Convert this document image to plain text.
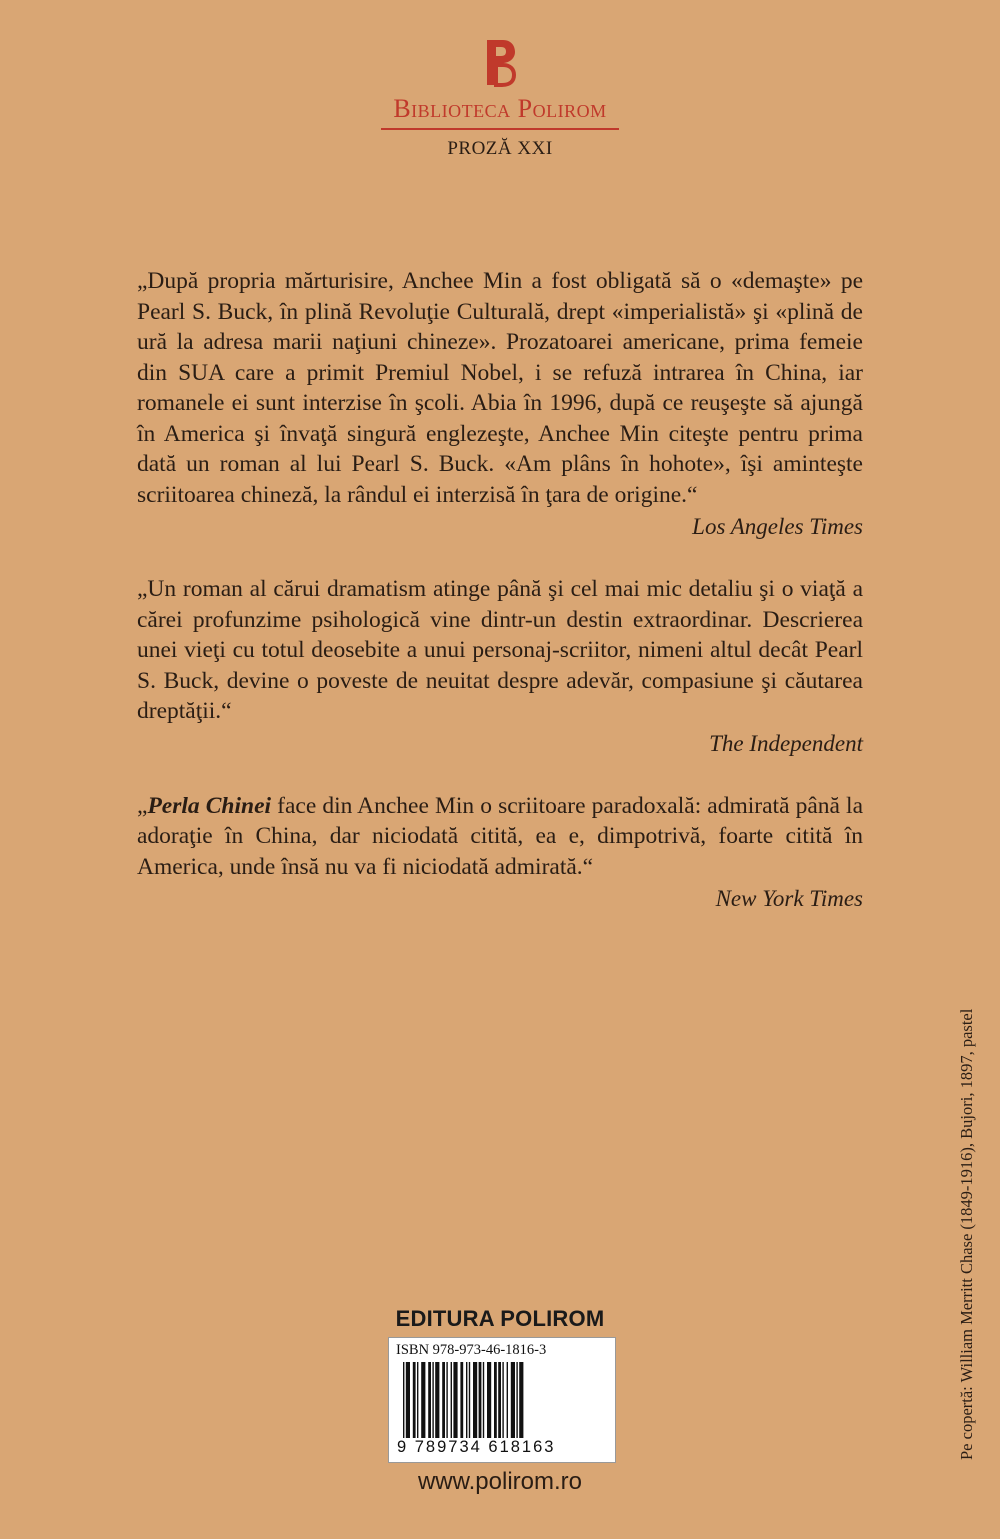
Biblioteca Polirom
PROZĂ XXI

„După propria mărturisire, Anchee Min a fost obligată să o «demaşte» pe Pearl S. Buck, în plină Revoluţie Culturală, drept «imperialistă» şi «plină de ură la adresa marii naţiuni chineze». Prozatoarei americane, prima femeie din SUA care a primit Premiul Nobel, i se refuză intrarea în China, iar romanele ei sunt interzise în şcoli. Abia în 1996, după ce reuşeşte să ajungă în America şi învaţă singură englezeşte, Anchee Min citeşte pentru prima dată un roman al lui Pearl S. Buck. «Am plâns în hohote», îşi aminteşte scriitoarea chineză, la rândul ei interzisă în ţara de origine.“

Los Angeles Times

„Un roman al cărui dramatism atinge până şi cel mai mic detaliu şi o viaţă a cărei profunzime psihologică vine dintr-un destin extraordinar. Descrierea unei vieţi cu totul deosebite a unui personaj-scriitor, nimeni altul decât Pearl S. Buck, devine o poveste de neuitat despre adevăr, compasiune şi căutarea dreptăţii.“

The Independent

„Perla Chinei face din Anchee Min o scriitoare paradoxală: admirată până la adoraţie în China, dar niciodată citită, ea e, dimpotrivă, foarte citită în America, unde însă nu va fi niciodată admirată.“

New York Times

Pe copertă: William Merritt Chase (1849-1916), Bujori, 1897, pastel
EDITURA POLIROM
ISBN 978-973-46-1816-3
9 789734 618163
www.polirom.ro
